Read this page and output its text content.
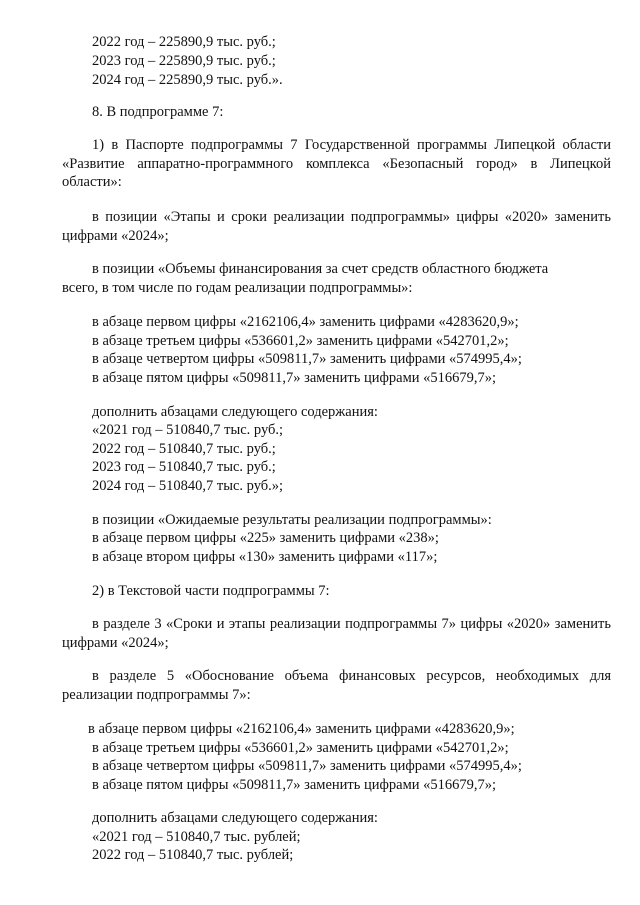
2022 год – 225890,9 тыс. руб.;
2023 год – 225890,9 тыс. руб.;
2024 год – 225890,9 тыс. руб.».
8. В подпрограмме 7:
1) в Паспорте подпрограммы 7 Государственной программы Липецкой области «Развитие аппаратно-программного комплекса «Безопасный город» в Липецкой области»:
в позиции «Этапы и сроки реализации подпрограммы» цифры «2020» заменить цифрами «2024»;
в позиции «Объемы финансирования за счет средств областного бюджета всего, в том числе по годам реализации подпрограммы»:
в абзаце первом цифры «2162106,4» заменить цифрами «4283620,9»;
в абзаце третьем цифры «536601,2» заменить цифрами «542701,2»;
в абзаце четвертом цифры «509811,7» заменить цифрами «574995,4»;
в абзаце пятом цифры «509811,7» заменить цифрами «516679,7»;
дополнить абзацами следующего содержания:
«2021 год – 510840,7 тыс. руб.;
2022 год – 510840,7 тыс. руб.;
2023 год – 510840,7 тыс. руб.;
2024 год – 510840,7 тыс. руб.»;
в позиции «Ожидаемые результаты реализации подпрограммы»:
в абзаце первом цифры «225» заменить цифрами «238»;
в абзаце втором цифры «130» заменить цифрами «117»;
2) в Текстовой части подпрограммы 7:
в разделе 3 «Сроки и этапы реализации подпрограммы 7» цифры «2020» заменить цифрами «2024»;
в разделе 5 «Обоснование объема финансовых ресурсов, необходимых для реализации подпрограммы 7»:
в абзаце первом цифры «2162106,4» заменить цифрами «4283620,9»;
в абзаце третьем цифры «536601,2» заменить цифрами «542701,2»;
в абзаце четвертом цифры «509811,7» заменить цифрами «574995,4»;
в абзаце пятом цифры «509811,7» заменить цифрами «516679,7»;
дополнить абзацами следующего содержания:
«2021 год – 510840,7 тыс. рублей;
2022 год – 510840,7 тыс. рублей;
